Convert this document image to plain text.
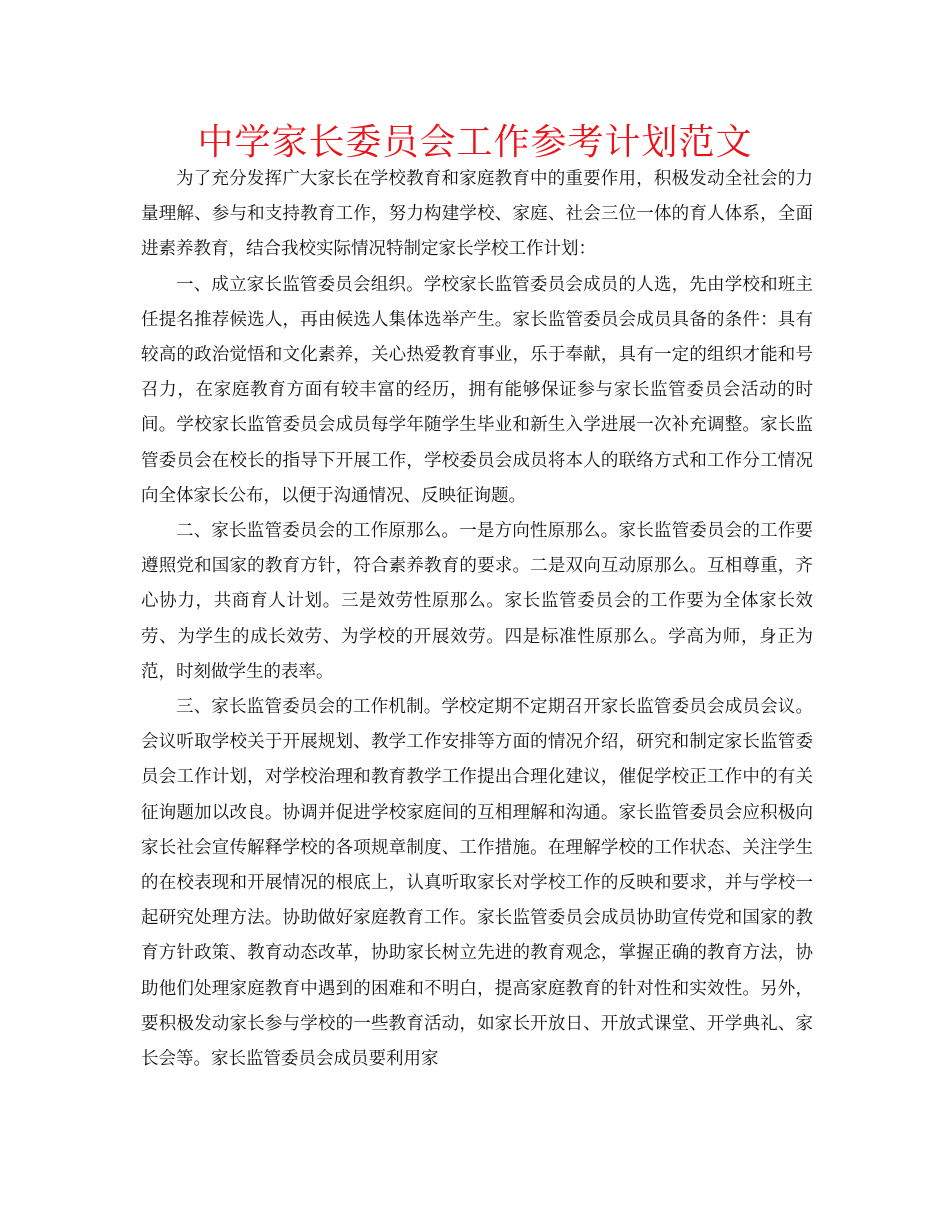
中学家长委员会工作参考计划范文

为了充分发挥广大家长在学校教育和家庭教育中的重要作用，积极发动全社会的力量理解、参与和支持教育工作，努力构建学校、家庭、社会三位一体的育人体系，全面进素养教育，结合我校实际情况特制定家长学校工作计划：

一、成立家长监管委员会组织。学校家长监管委员会成员的人选，先由学校和班主任提名推荐候选人，再由候选人集体选举产生。家长监管委员会成员具备的条件：具有较高的政治觉悟和文化素养，关心热爱教育事业，乐于奉献，具有一定的组织才能和号召力，在家庭教育方面有较丰富的经历，拥有能够保证参与家长监管委员会活动的时间。学校家长监管委员会成员每学年随学生毕业和新生入学进展一次补充调整。家长监管委员会在校长的指导下开展工作，学校委员会成员将本人的联络方式和工作分工情况向全体家长公布，以便于沟通情况、反映征询题。

二、家长监管委员会的工作原那么。一是方向性原那么。家长监管委员会的工作要遵照党和国家的教育方针，符合素养教育的要求。二是双向互动原那么。互相尊重，齐心协力，共商育人计划。三是效劳性原那么。家长监管委员会的工作要为全体家长效劳、为学生的成长效劳、为学校的开展效劳。四是标准性原那么。学高为师，身正为范，时刻做学生的表率。

三、家长监管委员会的工作机制。学校定期不定期召开家长监管委员会成员会议。会议听取学校关于开展规划、教学工作安排等方面的情况介绍，研究和制定家长监管委员会工作计划，对学校治理和教育教学工作提出合理化建议，催促学校正工作中的有关征询题加以改良。协调并促进学校家庭间的互相理解和沟通。家长监管委员会应积极向家长社会宣传解释学校的各项规章制度、工作措施。在理解学校的工作状态、关注学生的在校表现和开展情况的根底上，认真听取家长对学校工作的反映和要求，并与学校一起研究处理方法。协助做好家庭教育工作。家长监管委员会成员协助宣传党和国家的教育方针政策、教育动态改革，协助家长树立先进的教育观念，掌握正确的教育方法，协助他们处理家庭教育中遇到的困难和不明白，提高家庭教育的针对性和实效性。另外，要积极发动家长参与学校的一些教育活动，如家长开放日、开放式课堂、开学典礼、家长会等。家长监管委员会成员要利用家
